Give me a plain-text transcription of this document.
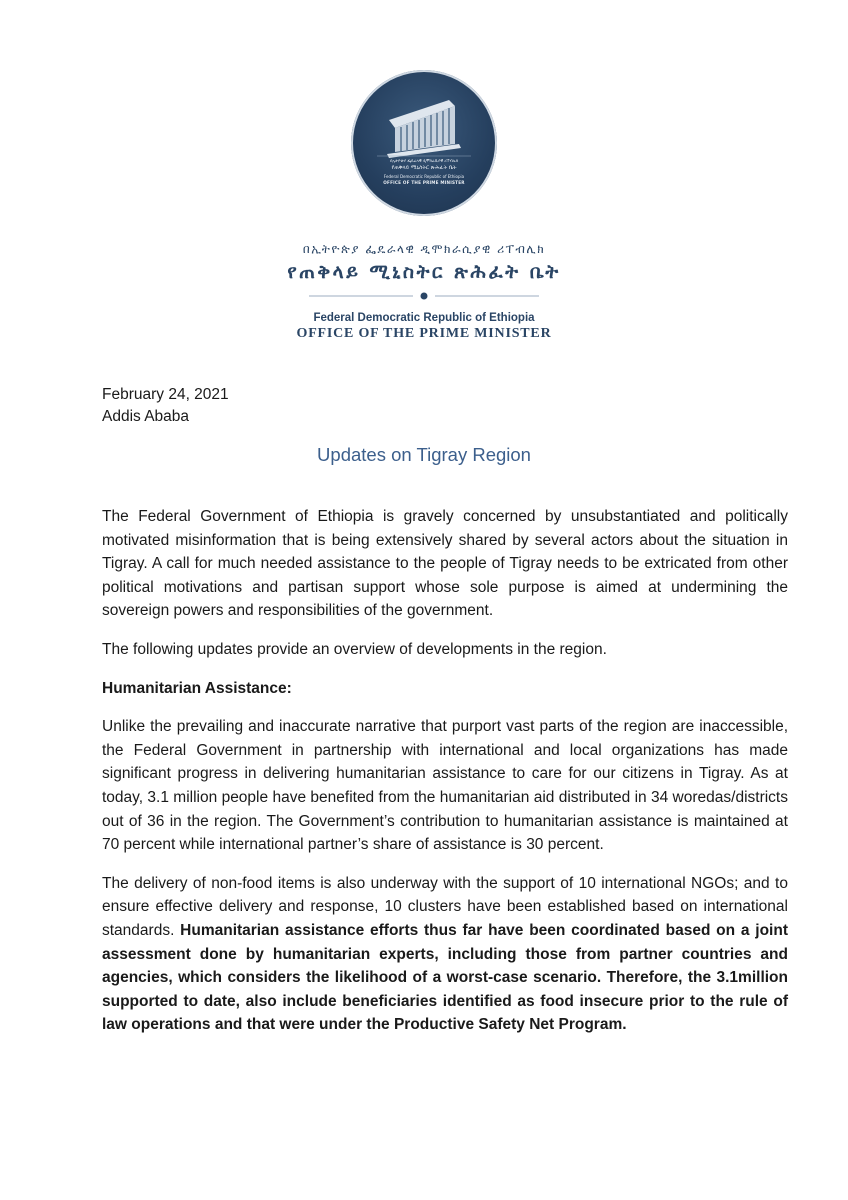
በኢትዮጵያ ፌዴራላዊ ዲሞክራሲያዊ ሪፐብሊክ
የጠቅላይ ሚኒስትር ጽሕፈት ቤት
Federal Democratic Republic of Ethiopia
OFFICE OF THE PRIME MINISTER
በኢትዮጵያ ፌዴራላዊ ዲሞክራሲያዊ ሪፐብሊክ
የጠቅላይ ሚኒስትር ጽሕፈት ቤት
Federal Democratic Republic of Ethiopia
OFFICE OF THE PRIME MINISTER
February 24, 2021
Addis Ababa
Updates on Tigray Region

The Federal Government of Ethiopia is gravely concerned by unsubstantiated and politically motivated misinformation that is being extensively shared by several actors about the situation in Tigray. A call for much needed assistance to the people of Tigray needs to be extricated from other political motivations and partisan support whose sole purpose is aimed at undermining the sovereign powers and responsibilities of the government.

The following updates provide an overview of developments in the region.

Humanitarian Assistance:

Unlike the prevailing and inaccurate narrative that purport vast parts of the region are inaccessible, the Federal Government in partnership with international and local organizations has made significant progress in delivering humanitarian assistance to care for our citizens in Tigray. As at today, 3.1 million people have benefited from the humanitarian aid distributed in 34 woredas/districts out of 36 in the region. The Government’s contribution to humanitarian assistance is maintained at 70 percent while international partner’s share of assistance is 30 percent.

The delivery of non-food items is also underway with the support of 10 international NGOs; and to ensure effective delivery and response, 10 clusters have been established based on international standards. Humanitarian assistance efforts thus far have been coordinated based on a joint assessment done by humanitarian experts, including those from partner countries and agencies, which considers the likelihood of a worst-case scenario. Therefore, the 3.1million supported to date, also include beneficiaries identified as food insecure prior to the rule of law operations and that were under the Productive Safety Net Program.
